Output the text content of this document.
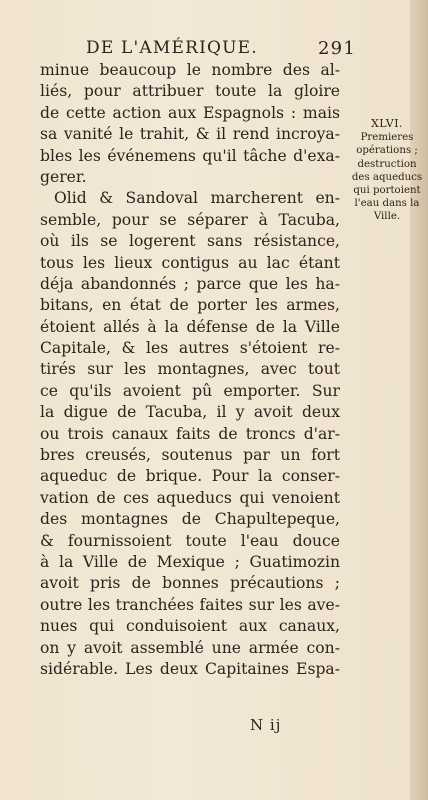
DE L'AMÉRIQUE.	291
XLVI.
Premieres
opérations ;
destruction
des aqueducs
qui portoient
l'eau dans la
Ville.
minue beaucoup le nombre des al-
liés, pour attribuer toute la gloire
de cette action aux Espagnols : mais
sa vanité le trahit, & il rend incroya-
bles les événemens qu'il tâche d'exa-
gerer.
Olid & Sandoval marcherent en-
semble, pour se séparer à Tacuba,
où ils se logerent sans résistance,
tous les lieux contigus au lac étant
déja abandonnés ; parce que les ha-
bitans, en état de porter les armes,
étoient allés à la défense de la Ville
Capitale, & les autres s'étoient re-
tirés sur les montagnes, avec tout
ce qu'ils avoient pû emporter. Sur
la digue de Tacuba, il y avoit deux
ou trois canaux faits de troncs d'ar-
bres creusés, soutenus par un fort
aqueduc de brique. Pour la conser-
vation de ces aqueducs qui venoient
des montagnes de Chapultepeque,
& fournissoient toute l'eau douce
à la Ville de Mexique ; Guatimozin
avoit pris de bonnes précautions ;
outre les tranchées faites sur les ave-
nues qui conduisoient aux canaux,
on y avoit assemblé une armée con-
sidérable. Les deux Capitaines Espa-
N ij
